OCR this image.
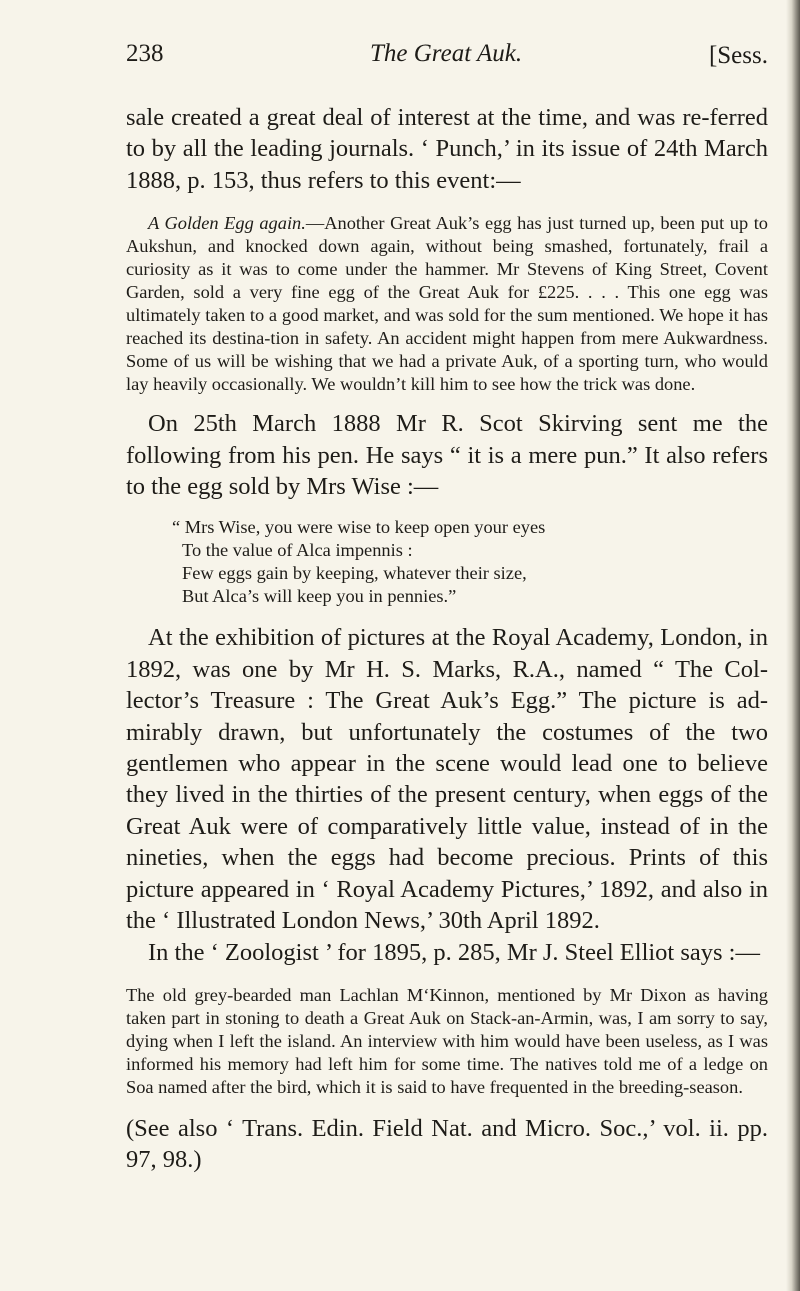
238	The Great Auk.	[Sess.

sale created a great deal of interest at the time, and was re-ferred to by all the leading journals. ‘ Punch,’ in its issue of 24th March 1888, p. 153, thus refers to this event:—

A Golden Egg again.—Another Great Auk’s egg has just turned up, been put up to Aukshun, and knocked down again, without being smashed, fortunately, frail a curiosity as it was to come under the hammer. Mr Stevens of King Street, Covent Garden, sold a very fine egg of the Great Auk for £225. . . . This one egg was ultimately taken to a good market, and was sold for the sum mentioned. We hope it has reached its destina-tion in safety. An accident might happen from mere Aukwardness. Some of us will be wishing that we had a private Auk, of a sporting turn, who would lay heavily occasionally. We wouldn’t kill him to see how the trick was done.

On 25th March 1888 Mr R. Scot Skirving sent me the following from his pen. He says “ it is a mere pun.” It also refers to the egg sold by Mrs Wise :—

“ Mrs Wise, you were wise to keep open your eyes
To the value of Alca impennis :
Few eggs gain by keeping, whatever their size,
But Alca’s will keep you in pennies.”

At the exhibition of pictures at the Royal Academy, London, in 1892, was one by Mr H. S. Marks, R.A., named “ The Col-lector’s Treasure : The Great Auk’s Egg.” The picture is ad-mirably drawn, but unfortunately the costumes of the two gentlemen who appear in the scene would lead one to believe they lived in the thirties of the present century, when eggs of the Great Auk were of comparatively little value, instead of in the nineties, when the eggs had become precious. Prints of this picture appeared in ‘ Royal Academy Pictures,’ 1892, and also in the ‘ Illustrated London News,’ 30th April 1892.

In the ‘ Zoologist ’ for 1895, p. 285, Mr J. Steel Elliot says :—

The old grey-bearded man Lachlan M‘Kinnon, mentioned by Mr Dixon as having taken part in stoning to death a Great Auk on Stack-an-Armin, was, I am sorry to say, dying when I left the island. An interview with him would have been useless, as I was informed his memory had left him for some time. The natives told me of a ledge on Soa named after the bird, which it is said to have frequented in the breeding-season.

(See also ‘ Trans. Edin. Field Nat. and Micro. Soc.,’ vol. ii. pp. 97, 98.)
